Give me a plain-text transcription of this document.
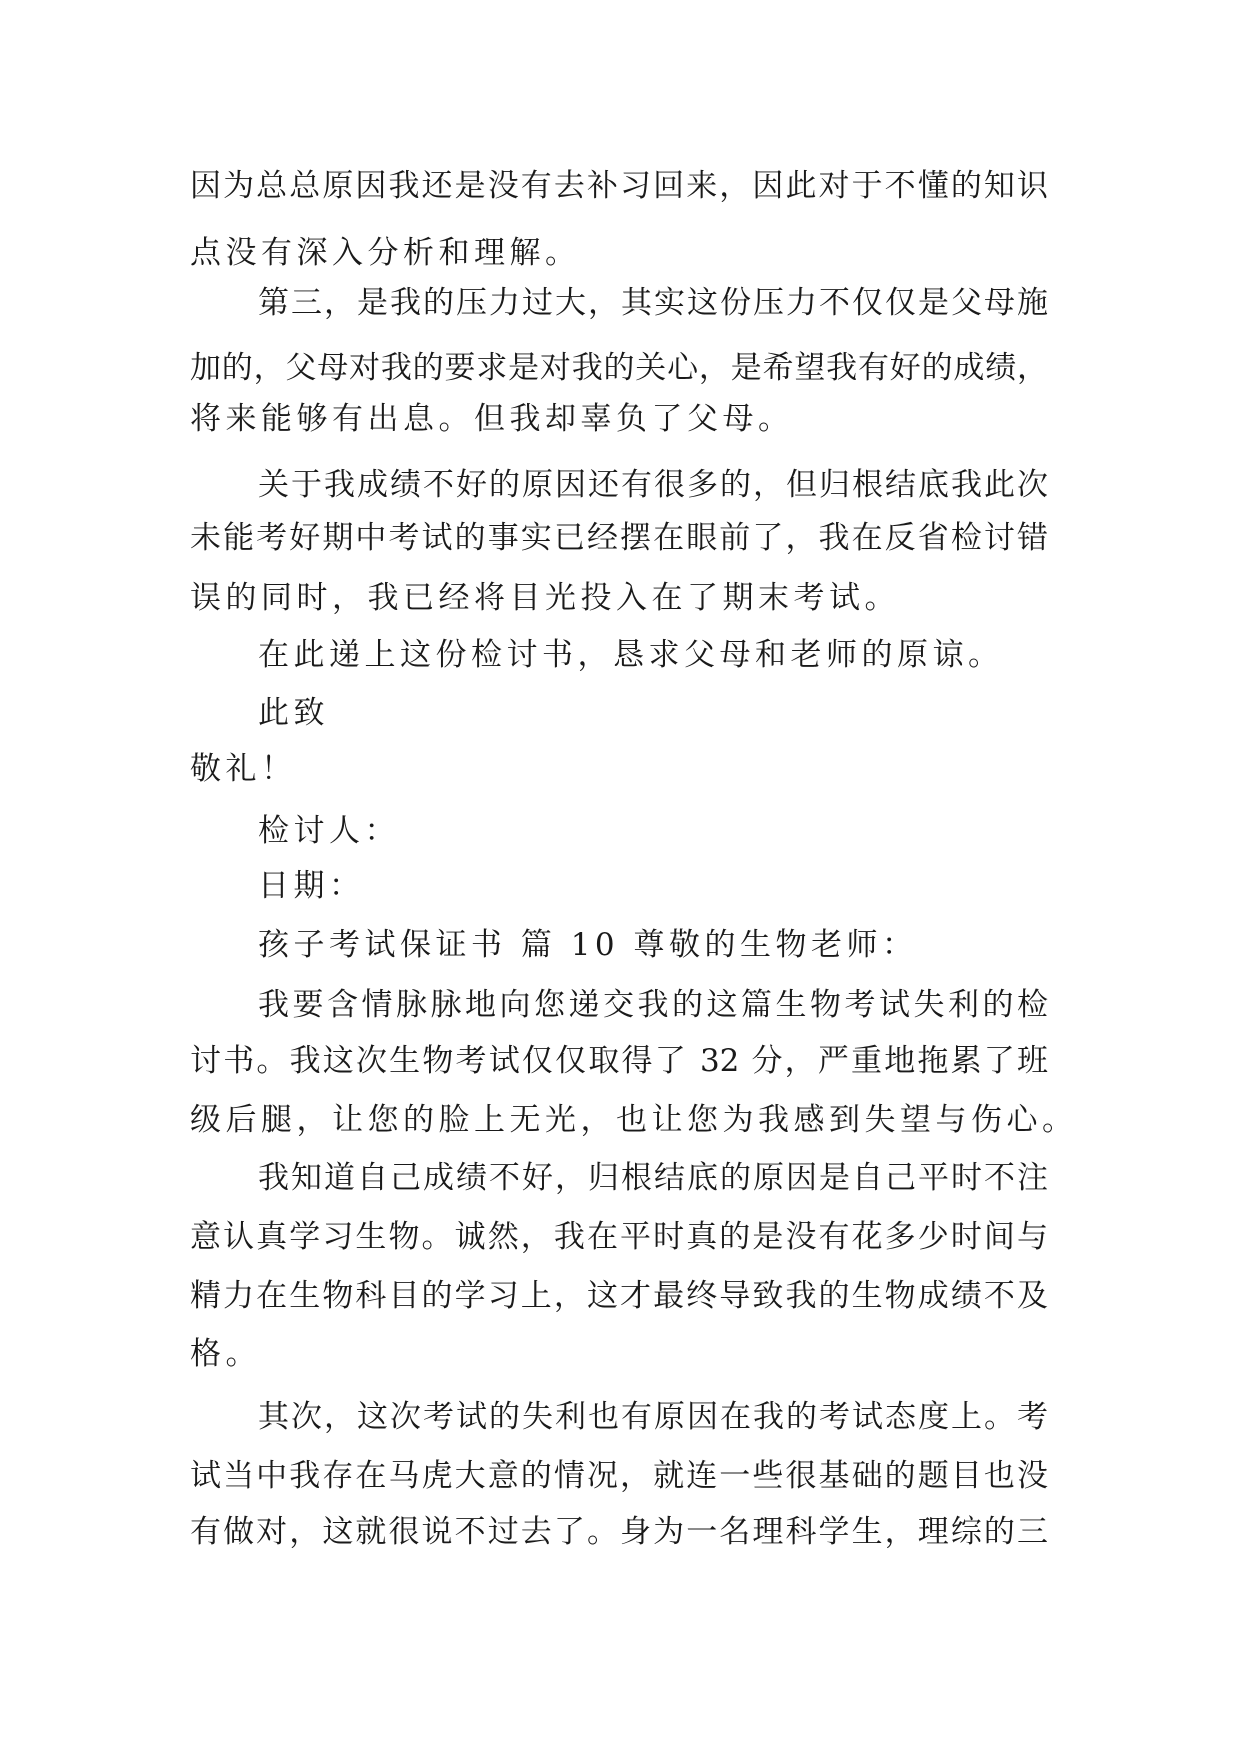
因为总总原因我还是没有去补习回来，因此对于不懂的知识
点没有深入分析和理解。
第三，是我的压力过大，其实这份压力不仅仅是父母施
加的，父母对我的要求是对我的关心，是希望我有好的成绩，
将来能够有出息。但我却辜负了父母。
关于我成绩不好的原因还有很多的，但归根结底我此次
未能考好期中考试的事实已经摆在眼前了，我在反省检讨错
误的同时，我已经将目光投入在了期末考试。
在此递上这份检讨书，恳求父母和老师的原谅。
此致
敬礼！
检讨人：
日期：
孩子考试保证书 篇 10 尊敬的生物老师：
我要含情脉脉地向您递交我的这篇生物考试失利的检
讨书。我这次生物考试仅仅取得了 32 分，严重地拖累了班
级后腿，让您的脸上无光，也让您为我感到失望与伤心。
我知道自己成绩不好，归根结底的原因是自己平时不注
意认真学习生物。诚然，我在平时真的是没有花多少时间与
精力在生物科目的学习上，这才最终导致我的生物成绩不及
格。
其次，这次考试的失利也有原因在我的考试态度上。考
试当中我存在马虎大意的情况，就连一些很基础的题目也没
有做对，这就很说不过去了。身为一名理科学生，理综的三
